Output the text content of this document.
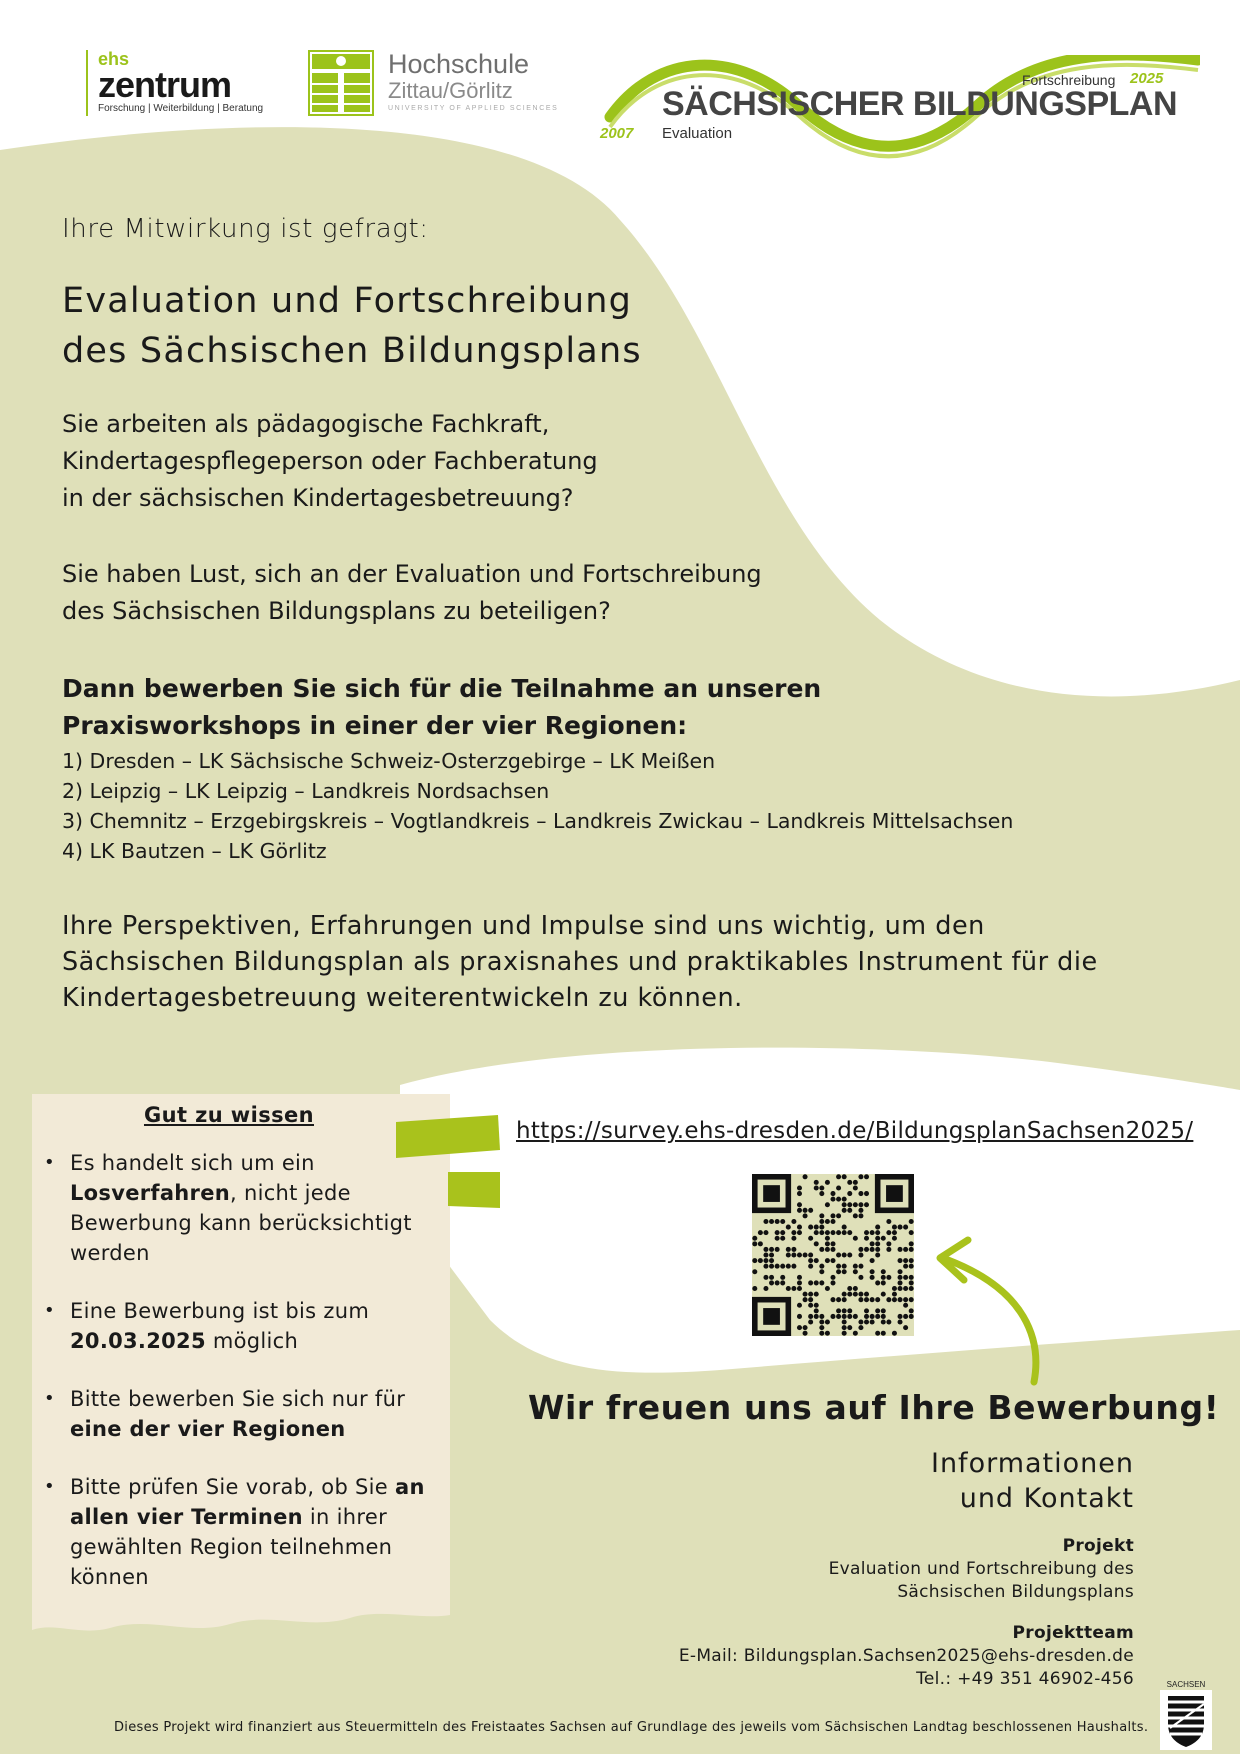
ehs
zentrum
Forschung | Weiterbildung | Beratung
Hochschule
Zittau/Görlitz
UNIVERSITY OF APPLIED SCIENCES
Fortschreibung 2025
SÄCHSISCHER BILDUNGSPLAN
2007 Evaluation
Ihre Mitwirkung ist gefragt:
Evaluation und Fortschreibung
des Sächsischen Bildungsplans
Sie arbeiten als pädagogische Fachkraft,
Kindertagespflegeperson oder Fachberatung
in der sächsischen Kindertagesbetreuung?
Sie haben Lust, sich an der Evaluation und Fortschreibung
des Sächsischen Bildungsplans zu beteiligen?
Dann bewerben Sie sich für die Teilnahme an unseren
Praxisworkshops in einer der vier Regionen:
1) Dresden – LK Sächsische Schweiz-Osterzgebirge – LK Meißen
2) Leipzig – LK Leipzig – Landkreis Nordsachsen
3) Chemnitz – Erzgebirgskreis – Vogtlandkreis – Landkreis Zwickau – Landkreis Mittelsachsen
4) LK Bautzen – LK Görlitz
Ihre Perspektiven, Erfahrungen und Impulse sind uns wichtig, um den
Sächsischen Bildungsplan als praxisnahes und praktikables Instrument für die
Kindertagesbetreuung weiterentwickeln zu können.
Gut zu wissen
• Es handelt sich um ein Losverfahren, nicht jede Bewerbung kann berücksichtigt werden
• Eine Bewerbung ist bis zum 20.03.2025 möglich
• Bitte bewerben Sie sich nur für eine der vier Regionen
• Bitte prüfen Sie vorab, ob Sie an allen vier Terminen in ihrer gewählten Region teilnehmen können
https://survey.ehs-dresden.de/BildungsplanSachsen2025/
Wir freuen uns auf Ihre Bewerbung!
Informationen
und Kontakt
Projekt
Evaluation und Fortschreibung des
Sächsischen Bildungsplans
Projektteam
E-Mail: Bildungsplan.Sachsen2025@ehs-dresden.de
Tel.: +49 351 46902-456
Dieses Projekt wird finanziert aus Steuermitteln des Freistaates Sachsen auf Grundlage des jeweils vom Sächsischen Landtag beschlossenen Haushalts.
SACHSEN
